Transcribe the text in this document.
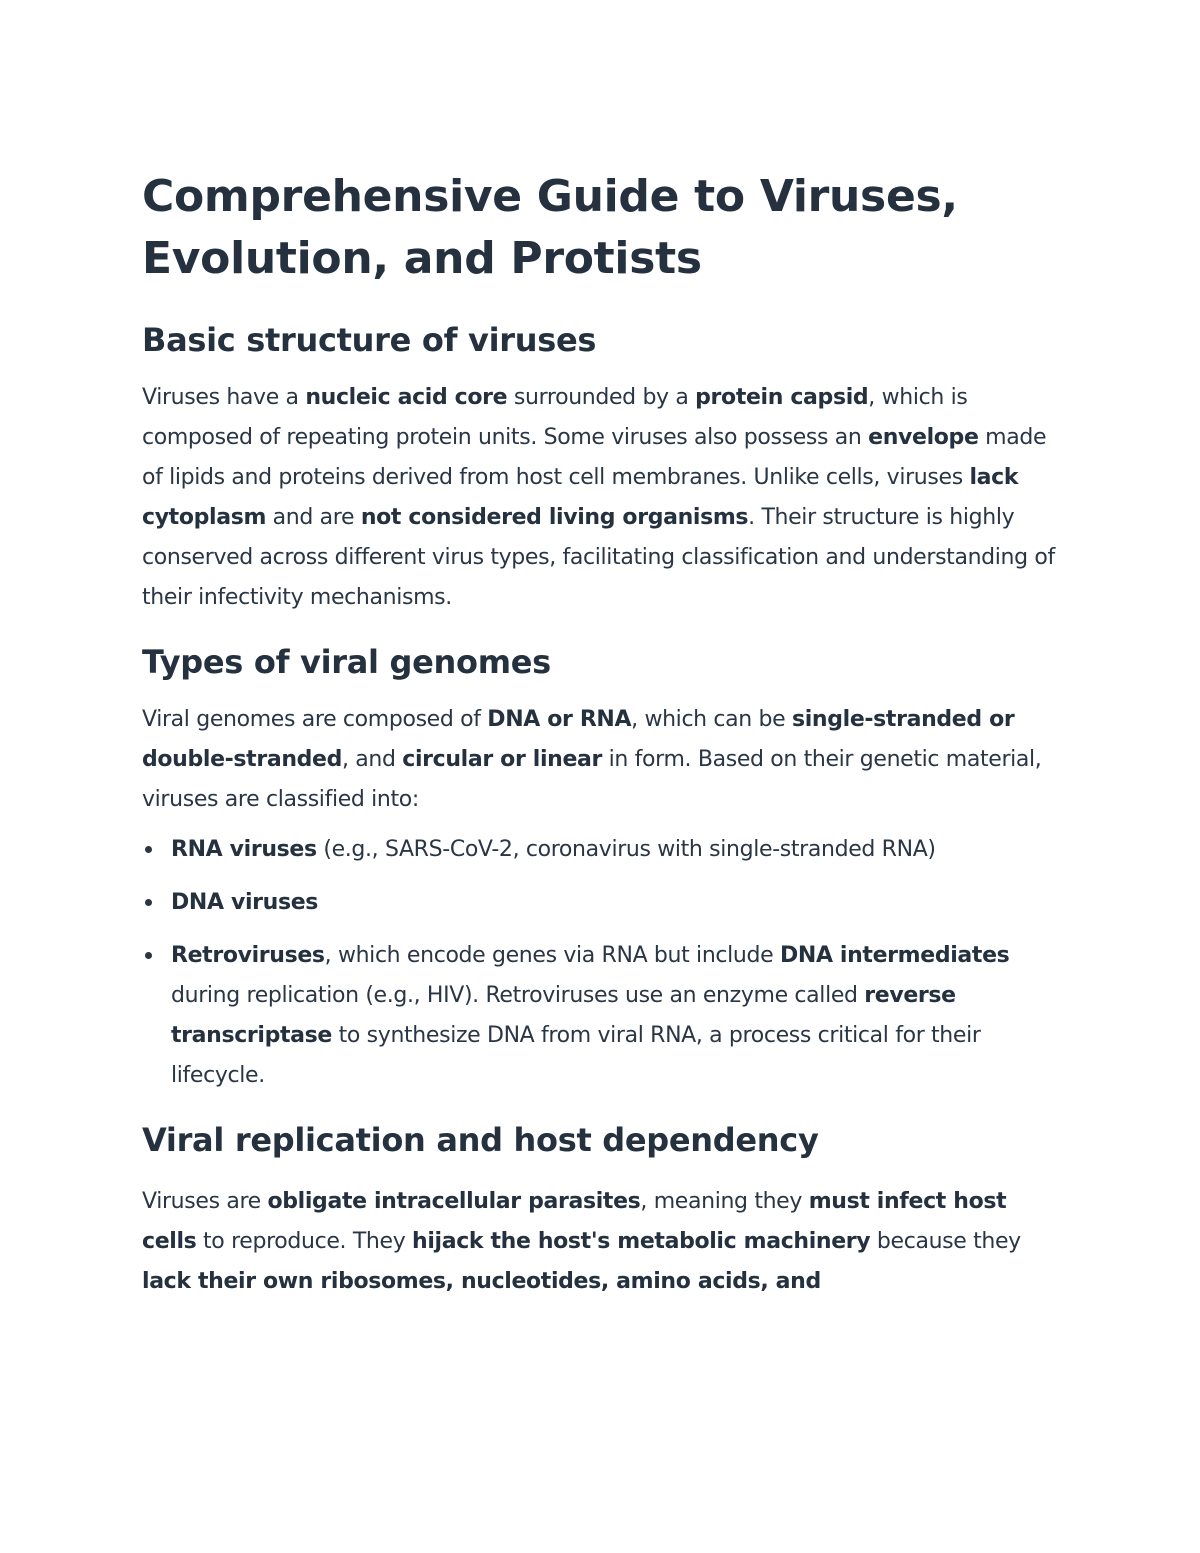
Comprehensive Guide to Viruses, Evolution, and Protists
Basic structure of viruses

Viruses have a nucleic acid core surrounded by a protein capsid, which is composed of repeating protein units. Some viruses also possess an envelope made of lipids and proteins derived from host cell membranes. Unlike cells, viruses lack cytoplasm and are not considered living organisms. Their structure is highly conserved across different virus types, facilitating classification and understanding of their infectivity mechanisms.

Types of viral genomes

Viral genomes are composed of DNA or RNA, which can be single-stranded or double-stranded, and circular or linear in form. Based on their genetic material, viruses are classified into:

RNA viruses (e.g., SARS-CoV-2, coronavirus with single-stranded RNA)
DNA viruses
Retroviruses, which encode genes via RNA but include DNA intermediates during replication (e.g., HIV). Retroviruses use an enzyme called reverse transcriptase to synthesize DNA from viral RNA, a process critical for their lifecycle.
Viral replication and host dependency

Viruses are obligate intracellular parasites, meaning they must infect host cells to reproduce. They hijack the host's metabolic machinery because they lack their own ribosomes, nucleotides, amino acids, and
